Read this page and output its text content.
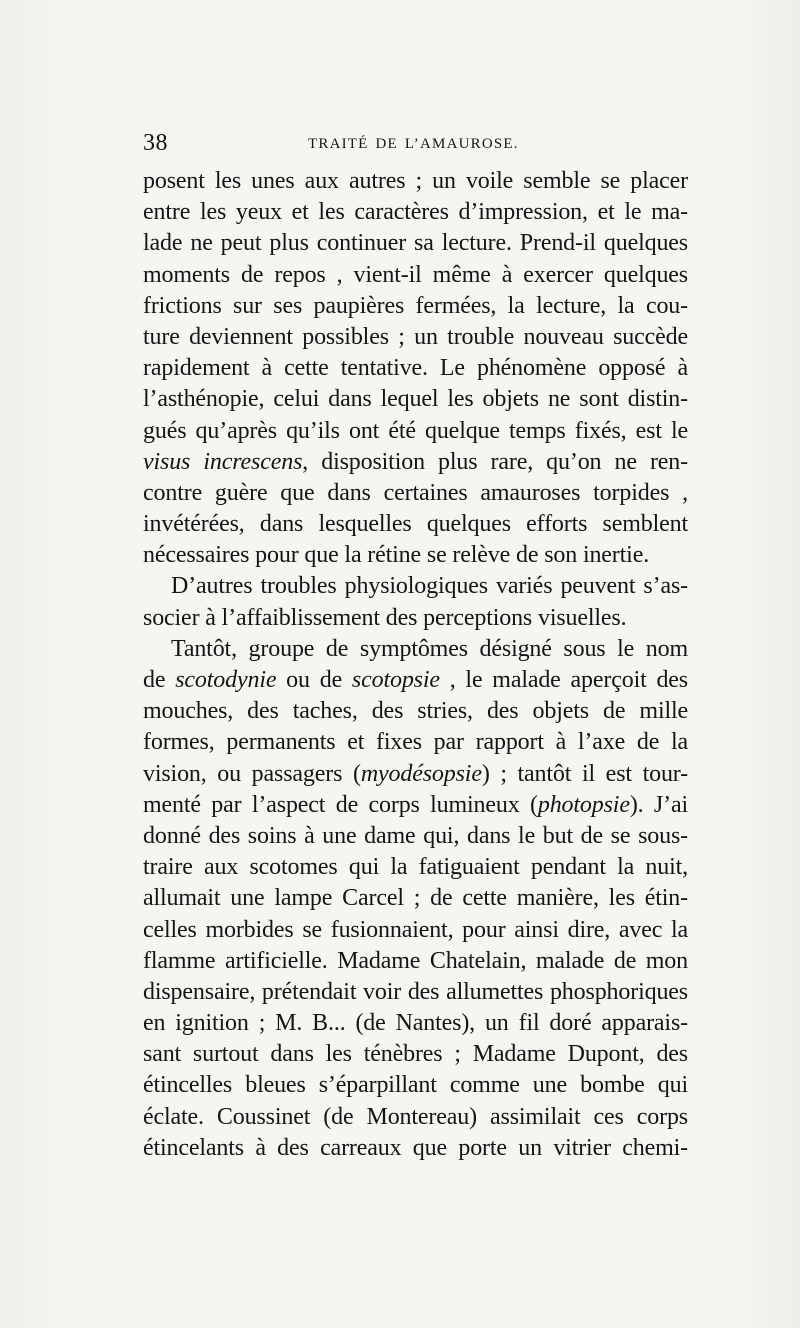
38	TRAITÉ DE L’AMAUROSE.
posent les unes aux autres ; un voile semble se placer
entre les yeux et les caractères d’impression, et le ma-
lade ne peut plus continuer sa lecture. Prend-il quelques
moments de repos , vient-il même à exercer quelques
frictions sur ses paupières fermées, la lecture, la cou-
ture deviennent possibles ; un trouble nouveau succède
rapidement à cette tentative. Le phénomène opposé à
l’asthénopie, celui dans lequel les objets ne sont distin-
gués qu’après qu’ils ont été quelque temps fixés, est le
visus increscens, disposition plus rare, qu’on ne ren-
contre guère que dans certaines amauroses torpides ,
invétérées, dans lesquelles quelques efforts semblent
nécessaires pour que la rétine se relève de son inertie.
D’autres troubles physiologiques variés peuvent s’as-
socier à l’affaiblissement des perceptions visuelles.
Tantôt, groupe de symptômes désigné sous le nom
de scotodynie ou de scotopsie , le malade aperçoit des
mouches, des taches, des stries, des objets de mille
formes, permanents et fixes par rapport à l’axe de la
vision, ou passagers (myodésopsie) ; tantôt il est tour-
menté par l’aspect de corps lumineux (photopsie). J’ai
donné des soins à une dame qui, dans le but de se sous-
traire aux scotomes qui la fatiguaient pendant la nuit,
allumait une lampe Carcel ; de cette manière, les étin-
celles morbides se fusionnaient, pour ainsi dire, avec la
flamme artificielle. Madame Chatelain, malade de mon
dispensaire, prétendait voir des allumettes phosphoriques
en ignition ; M. B... (de Nantes), un fil doré apparais-
sant surtout dans les ténèbres ; Madame Dupont, des
étincelles bleues s’éparpillant comme une bombe qui
éclate. Coussinet (de Montereau) assimilait ces corps
étincelants à des carreaux que porte un vitrier chemi-
